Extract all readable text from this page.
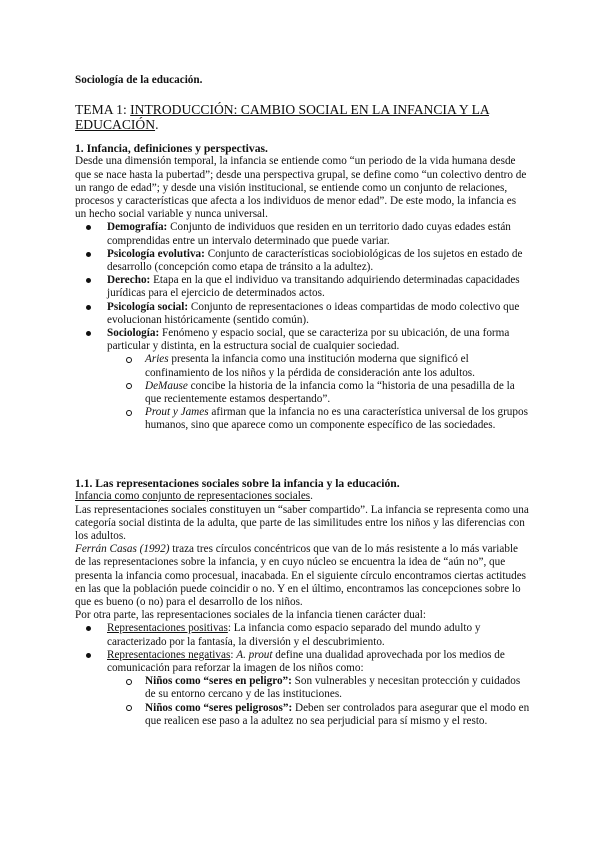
Sociología de la educación.

TEMA 1: INTRODUCCIÓN: CAMBIO SOCIAL EN LA INFANCIA Y LA EDUCACIÓN.

1. Infancia, definiciones y perspectivas.

Desde una dimensión temporal, la infancia se entiende como “un periodo de la vida humana desde que se nace hasta la pubertad”; desde una perspectiva grupal, se define como “un colectivo dentro de un rango de edad”; y desde una visión institucional, se entiende como un conjunto de relaciones, procesos y características que afecta a los individuos de menor edad”. De este modo, la infancia es un hecho social variable y nunca universal.

Demografía: Conjunto de individuos que residen en un territorio dado cuyas edades están comprendidas entre un intervalo determinado que puede variar.
Psicología evolutiva: Conjunto de características sociobiológicas de los sujetos en estado de desarrollo (concepción como etapa de tránsito a la adultez).
Derecho: Etapa en la que el individuo va transitando adquiriendo determinadas capacidades jurídicas para el ejercicio de determinados actos.
Psicología social: Conjunto de representaciones o ideas compartidas de modo colectivo que evolucionan históricamente (sentido común).
Sociología: Fenómeno y espacio social, que se caracteriza por su ubicación, de una forma particular y distinta, en la estructura social de cualquier sociedad.
Aries presenta la infancia como una institución moderna que significó el confinamiento de los niños y la pérdida de consideración ante los adultos.
DeMause concibe la historia de la infancia como la “historia de una pesadilla de la que recientemente estamos despertando”.
Prout y James afirman que la infancia no es una característica universal de los grupos humanos, sino que aparece como un componente específico de las sociedades.
1.1. Las representaciones sociales sobre la infancia y la educación.

Infancia como conjunto de representaciones sociales.

Las representaciones sociales constituyen un “saber compartido”. La infancia se representa como una categoría social distinta de la adulta, que parte de las similitudes entre los niños y las diferencias con los adultos.

Ferrán Casas (1992) traza tres círculos concéntricos que van de lo más resistente a lo más variable de las representaciones sobre la infancia, y en cuyo núcleo se encuentra la idea de “aún no”, que presenta la infancia como procesual, inacabada. En el siguiente círculo encontramos ciertas actitudes en las que la población puede coincidir o no. Y en el último, encontramos las concepciones sobre lo que es bueno (o no) para el desarrollo de los niños.

Por otra parte, las representaciones sociales de la infancia tienen carácter dual:

Representaciones positivas: La infancia como espacio separado del mundo adulto y caracterizado por la fantasía, la diversión y el descubrimiento.
Representaciones negativas: A. prout define una dualidad aprovechada por los medios de comunicación para reforzar la imagen de los niños como:
Niños como “seres en peligro”: Son vulnerables y necesitan protección y cuidados de su entorno cercano y de las instituciones.
Niños como “seres peligrosos”: Deben ser controlados para asegurar que el modo en que realicen ese paso a la adultez no sea perjudicial para sí mismo y el resto.
